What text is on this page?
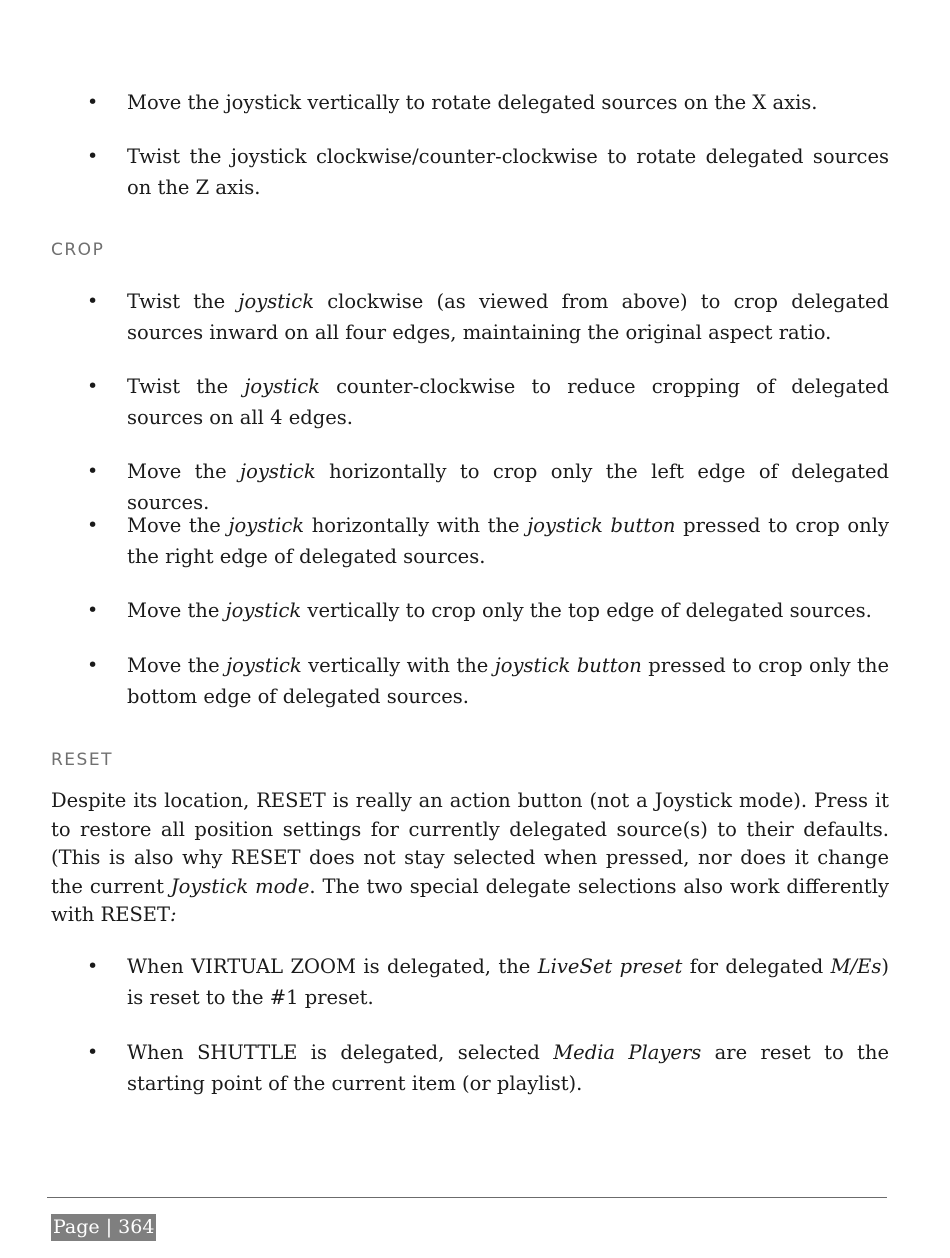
• Move the joystick vertically to rotate delegated sources on the X axis.
• Twist the joystick clockwise/counter-clockwise to rotate delegated sources on the Z axis.
CROP
• Twist the joystick clockwise (as viewed from above) to crop delegated sources inward on all four edges, maintaining the original aspect ratio.
• Twist the joystick counter-clockwise to reduce cropping of delegated sources on all 4 edges.
• Move the joystick horizontally to crop only the left edge of delegated sources.
• Move the joystick horizontally with the joystick button pressed to crop only the right edge of delegated sources.
• Move the joystick vertically to crop only the top edge of delegated sources.
• Move the joystick vertically with the joystick button pressed to crop only the bottom edge of delegated sources.
RESET
Despite its location, RESET is really an action button (not a Joystick mode). Press it to restore all position settings for currently delegated source(s) to their defaults. (This is also why RESET does not stay selected when pressed, nor does it change the current Joystick mode. The two special delegate selections also work differently with RESET:
• When VIRTUAL ZOOM is delegated, the LiveSet preset for delegated M/Es) is reset to the #1 preset.
• When SHUTTLE is delegated, selected Media Players are reset to the starting point of the current item (or playlist).
Page | 364
